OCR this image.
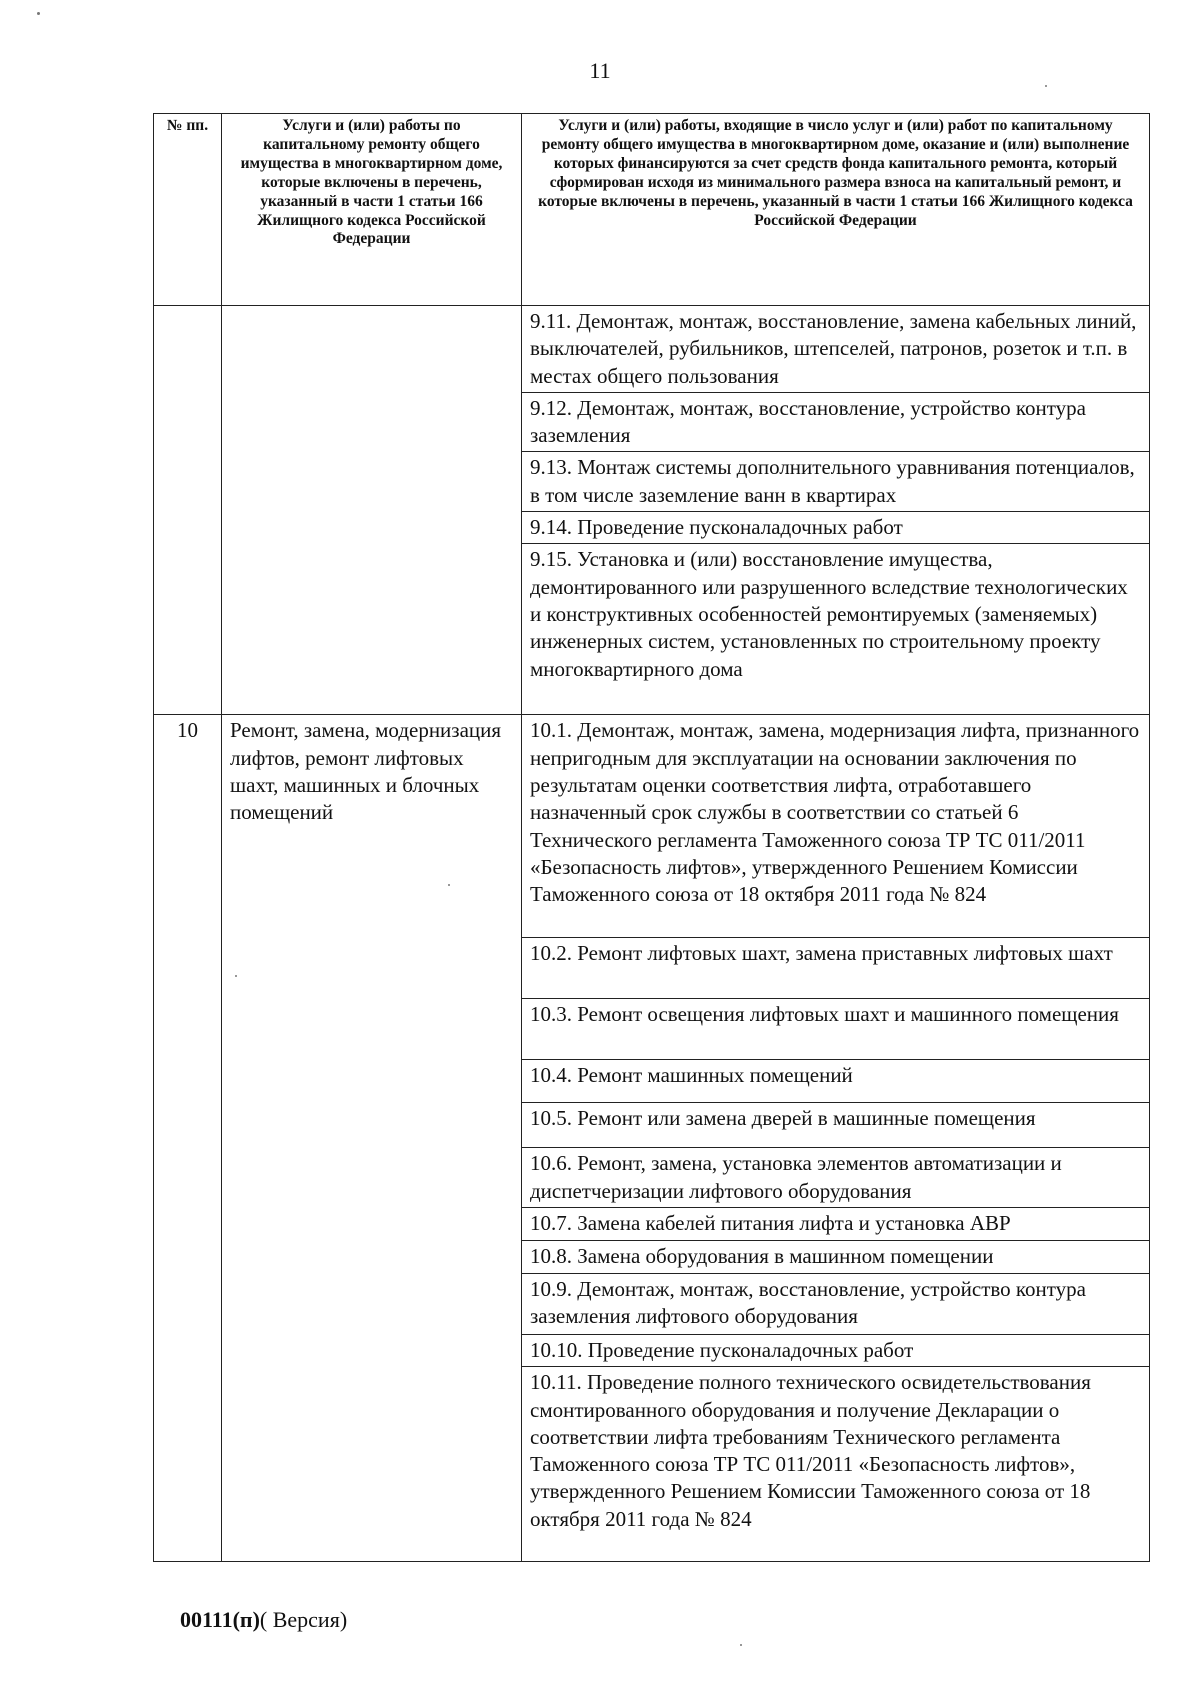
11
№ пп.	Услуги и (или) работы по капитальному ремонту общего имущества в многоквартирном доме, которые включены в перечень, указанный в части 1 статьи 166 Жилищного кодекса Российской Федерации	Услуги и (или) работы, входящие в число услуг и (или) работ по капитальному ремонту общего имущества в многоквартирном доме, оказание и (или) выполнение которых финансируются за счет средств фонда капитального ремонта, который сформирован исходя из минимального размера взноса на капитальный ремонт, и которые включены в перечень, указанный в части 1 статьи 166 Жилищного кодекса Российской Федерации
		9.11. Демонтаж, монтаж, восстановление, замена кабельных линий, выключателей, рубильников, штепселей, патронов, розеток и т.п. в местах общего пользования
		9.12. Демонтаж, монтаж, восстановление, устройство контура заземления
		9.13. Монтаж системы дополнительного уравнивания потенциалов, в том числе заземление ванн в квартирах
		9.14. Проведение пусконаладочных работ
		9.15. Установка и (или) восстановление имущества, демонтированного или разрушенного вследствие технологических и конструктивных особенностей ремонтируемых (заменяемых) инженерных систем, установленных по строительному проекту многоквартирного дома
10	Ремонт, замена, модернизация лифтов, ремонт лифтовых шахт, машинных и блочных помещений	10.1. Демонтаж, монтаж, замена, модернизация лифта, признанного непригодным для эксплуатации на основании заключения по результатам оценки соответствия лифта, отработавшего назначенный срок службы в соответствии со статьей 6 Технического регламента Таможенного союза ТР ТС 011/2011 «Безопасность лифтов», утвержденного Решением Комиссии Таможенного союза от 18 октября 2011 года № 824
		10.2. Ремонт лифтовых шахт, замена приставных лифтовых шахт
		10.3. Ремонт освещения лифтовых шахт и машинного помещения
		10.4. Ремонт машинных помещений
		10.5. Ремонт или замена дверей в машинные помещения
		10.6. Ремонт, замена, установка элементов автоматизации и диспетчеризации лифтового оборудования
		10.7. Замена кабелей питания лифта и установка АВР
		10.8. Замена оборудования в машинном помещении
		10.9. Демонтаж, монтаж, восстановление, устройство контура заземления лифтового оборудования
		10.10. Проведение пусконаладочных работ
		10.11. Проведение полного технического освидетельствования смонтированного оборудования и получение Декларации о соответствии лифта требованиям Технического регламента Таможенного союза ТР ТС 011/2011 «Безопасность лифтов», утвержденного Решением Комиссии Таможенного союза от 18 октября 2011 года № 824
00111(п)( Версия)
